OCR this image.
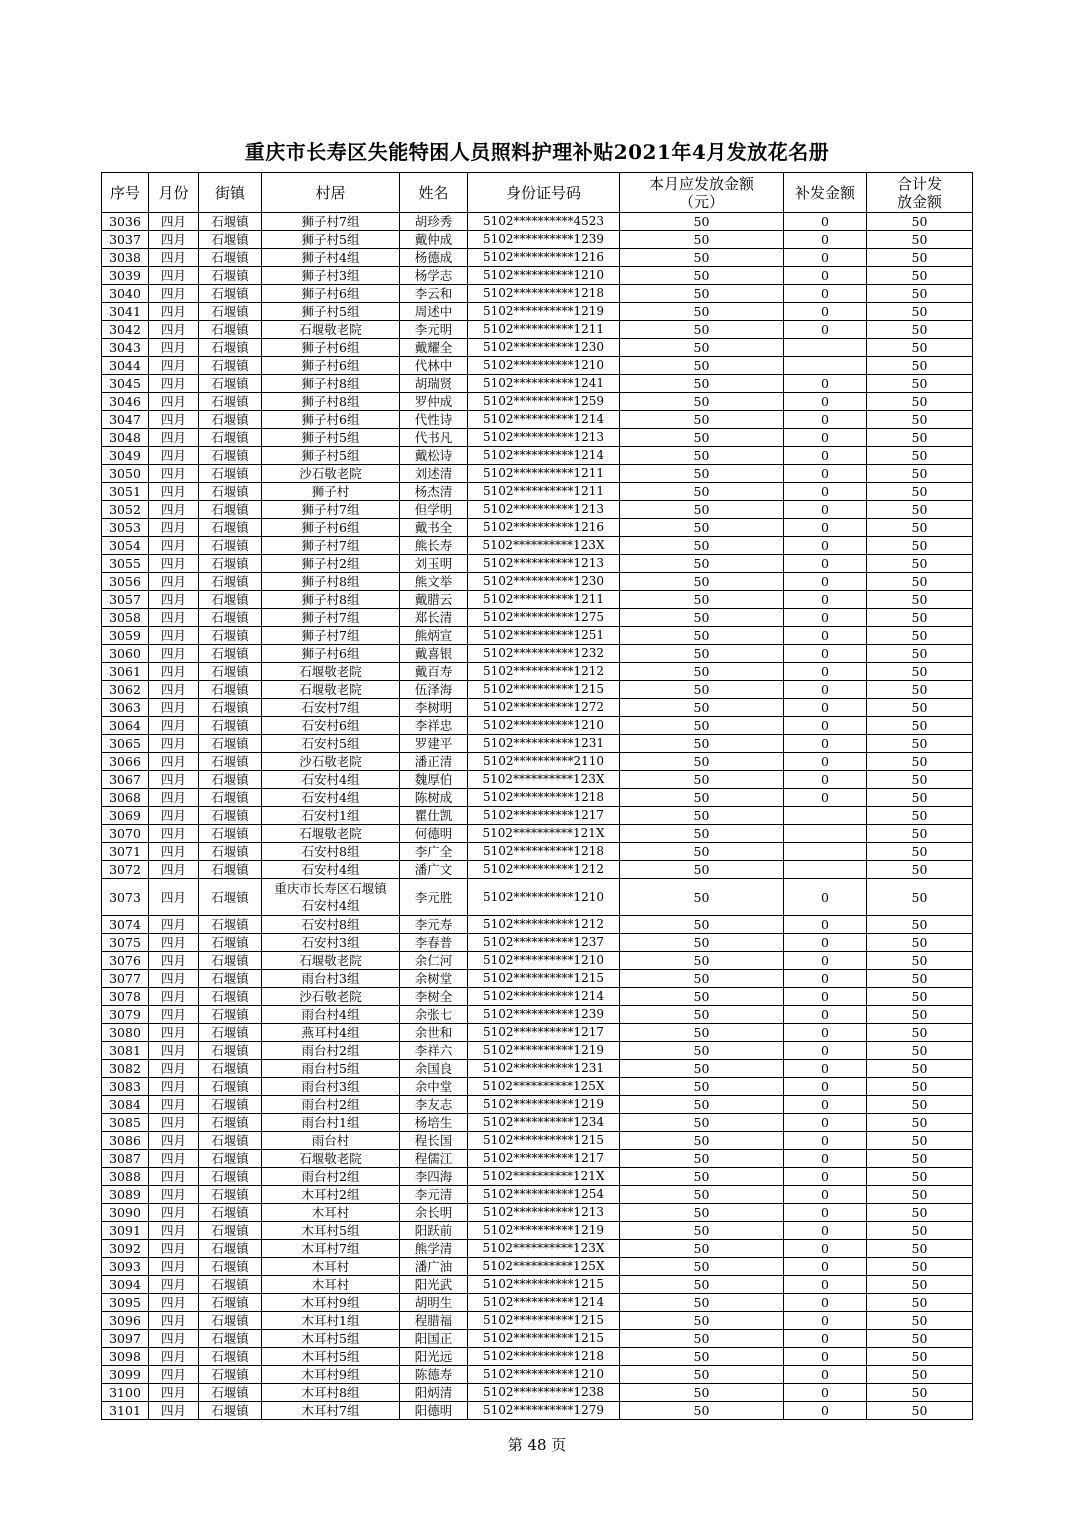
重庆市长寿区失能特困人员照料护理补贴2021年4月发放花名册
序号	月份	街镇	村居	姓名	身份证号码	本月应发放金额（元）	补发金额	合计发放金额
3036	四月	石堰镇	狮子村7组	胡珍秀	5102**********4523	50	0	50
3037	四月	石堰镇	狮子村5组	戴仲成	5102**********1239	50	0	50
3038	四月	石堰镇	狮子村4组	杨德成	5102**********1216	50	0	50
3039	四月	石堰镇	狮子村3组	杨学志	5102**********1210	50	0	50
3040	四月	石堰镇	狮子村6组	李云和	5102**********1218	50	0	50
3041	四月	石堰镇	狮子村5组	周述中	5102**********1219	50	0	50
3042	四月	石堰镇	石堰敬老院	李元明	5102**********1211	50	0	50
3043	四月	石堰镇	狮子村6组	戴耀全	5102**********1230	50		50
3044	四月	石堰镇	狮子村6组	代林中	5102**********1210	50		50
3045	四月	石堰镇	狮子村8组	胡瑞贤	5102**********1241	50	0	50
3046	四月	石堰镇	狮子村8组	罗仲成	5102**********1259	50	0	50
3047	四月	石堰镇	狮子村6组	代性诗	5102**********1214	50	0	50
3048	四月	石堰镇	狮子村5组	代书凡	5102**********1213	50	0	50
3049	四月	石堰镇	狮子村5组	戴松诗	5102**********1214	50	0	50
3050	四月	石堰镇	沙石敬老院	刘述清	5102**********1211	50	0	50
3051	四月	石堰镇	狮子村	杨杰清	5102**********1211	50	0	50
3052	四月	石堰镇	狮子村7组	但学明	5102**********1213	50	0	50
3053	四月	石堰镇	狮子村6组	戴书全	5102**********1216	50	0	50
3054	四月	石堰镇	狮子村7组	熊长寿	5102**********123X	50	0	50
3055	四月	石堰镇	狮子村2组	刘玉明	5102**********1213	50	0	50
3056	四月	石堰镇	狮子村8组	熊文举	5102**********1230	50	0	50
3057	四月	石堰镇	狮子村8组	戴腊云	5102**********1211	50	0	50
3058	四月	石堰镇	狮子村7组	郑长清	5102**********1275	50	0	50
3059	四月	石堰镇	狮子村7组	熊炳宣	5102**********1251	50	0	50
3060	四月	石堰镇	狮子村6组	戴喜银	5102**********1232	50	0	50
3061	四月	石堰镇	石堰敬老院	戴百寿	5102**********1212	50	0	50
3062	四月	石堰镇	石堰敬老院	伍泽海	5102**********1215	50	0	50
3063	四月	石堰镇	石安村7组	李树明	5102**********1272	50	0	50
3064	四月	石堰镇	石安村6组	李祥忠	5102**********1210	50	0	50
3065	四月	石堰镇	石安村5组	罗建平	5102**********1231	50	0	50
3066	四月	石堰镇	沙石敬老院	潘正清	5102**********2110	50	0	50
3067	四月	石堰镇	石安村4组	魏厚伯	5102**********123X	50	0	50
3068	四月	石堰镇	石安村4组	陈树成	5102**********1218	50	0	50
3069	四月	石堰镇	石安村1组	瞿仕凯	5102**********1217	50		50
3070	四月	石堰镇	石堰敬老院	何德明	5102**********121X	50		50
3071	四月	石堰镇	石安村8组	李广全	5102**********1218	50		50
3072	四月	石堰镇	石安村4组	潘广文	5102**********1212	50		50
3073	四月	石堰镇	重庆市长寿区石堰镇石安村4组	李元胜	5102**********1210	50	0	50
3074	四月	石堰镇	石安村8组	李元寿	5102**********1212	50	0	50
3075	四月	石堰镇	石安村3组	李春普	5102**********1237	50	0	50
3076	四月	石堰镇	石堰敬老院	余仁河	5102**********1210	50	0	50
3077	四月	石堰镇	雨台村3组	余树堂	5102**********1215	50	0	50
3078	四月	石堰镇	沙石敬老院	李树全	5102**********1214	50	0	50
3079	四月	石堰镇	雨台村4组	余张七	5102**********1239	50	0	50
3080	四月	石堰镇	燕耳村4组	余世和	5102**********1217	50	0	50
3081	四月	石堰镇	雨台村2组	李祥六	5102**********1219	50	0	50
3082	四月	石堰镇	雨台村5组	余国良	5102**********1231	50	0	50
3083	四月	石堰镇	雨台村3组	余中堂	5102**********125X	50	0	50
3084	四月	石堰镇	雨台村2组	李友志	5102**********1219	50	0	50
3085	四月	石堰镇	雨台村1组	杨培生	5102**********1234	50	0	50
3086	四月	石堰镇	雨台村	程长国	5102**********1215	50	0	50
3087	四月	石堰镇	石堰敬老院	程儒江	5102**********1217	50	0	50
3088	四月	石堰镇	雨台村2组	李四海	5102**********121X	50	0	50
3089	四月	石堰镇	木耳村2组	李元清	5102**********1254	50	0	50
3090	四月	石堰镇	木耳村	余长明	5102**********1213	50	0	50
3091	四月	石堰镇	木耳村5组	阳跃前	5102**********1219	50	0	50
3092	四月	石堰镇	木耳村7组	熊学清	5102**********123X	50	0	50
3093	四月	石堰镇	木耳村	潘广油	5102**********125X	50	0	50
3094	四月	石堰镇	木耳村	阳光武	5102**********1215	50	0	50
3095	四月	石堰镇	木耳村9组	胡明生	5102**********1214	50	0	50
3096	四月	石堰镇	木耳村1组	程腊福	5102**********1215	50	0	50
3097	四月	石堰镇	木耳村5组	阳国正	5102**********1215	50	0	50
3098	四月	石堰镇	木耳村5组	阳光远	5102**********1218	50	0	50
3099	四月	石堰镇	木耳村9组	陈德寿	5102**********1210	50	0	50
3100	四月	石堰镇	木耳村8组	阳炳清	5102**********1238	50	0	50
3101	四月	石堰镇	木耳村7组	阳德明	5102**********1279	50	0	50
第 48 页
